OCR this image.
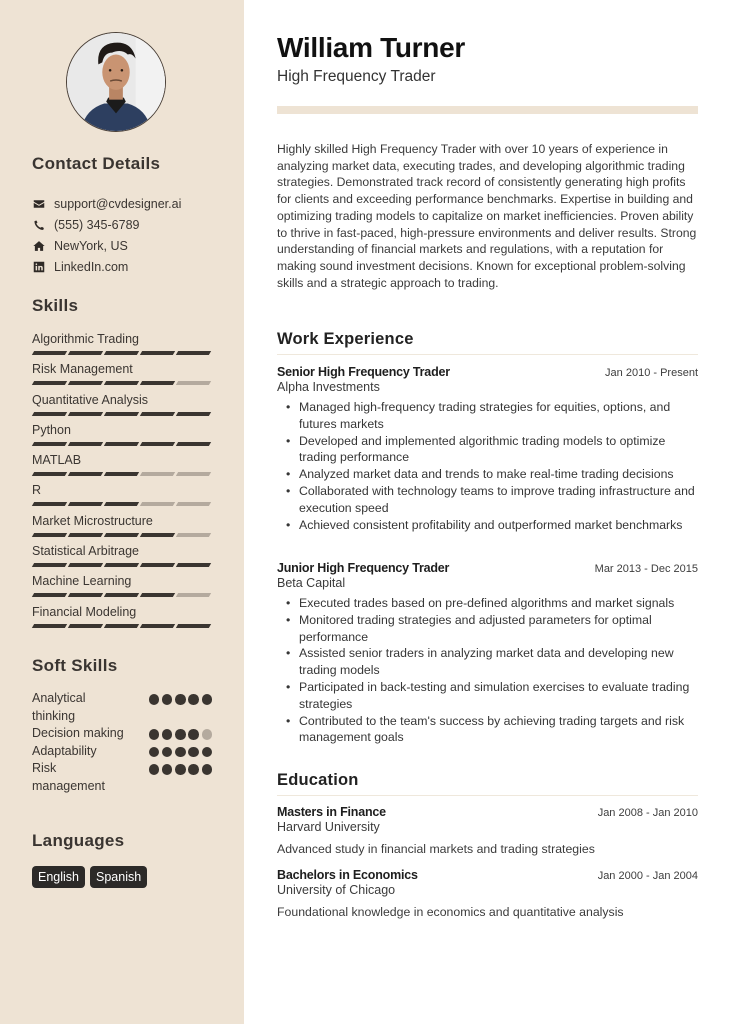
Contact Details
support@cvdesigner.ai
(555) 345-6789
NewYork, US
LinkedIn.com
Skills
Algorithmic Trading
Risk Management
Quantitative Analysis
Python
MATLAB
R
Market Microstructure
Statistical Arbitrage
Machine Learning
Financial Modeling
Soft Skills
Analytical thinking
Decision making
Adaptability
Risk management
Languages
English	Spanish
William Turner
High Frequency Trader

Highly skilled High Frequency Trader with over 10 years of experience in analyzing market data, executing trades, and developing algorithmic trading strategies. Demonstrated track record of consistently generating high profits for clients and exceeding performance benchmarks. Expertise in building and optimizing trading models to capitalize on market inefficiencies. Proven ability to thrive in fast-paced, high-pressure environments and deliver results. Strong understanding of financial markets and regulations, with a reputation for making sound investment decisions. Known for exceptional problem-solving skills and a strategic approach to trading.

Work Experience
Senior High Frequency Trader	Jan 2010 - Present
Alpha Investments
• Managed high-frequency trading strategies for equities, options, and futures markets
• Developed and implemented algorithmic trading models to optimize trading performance
• Analyzed market data and trends to make real-time trading decisions
• Collaborated with technology teams to improve trading infrastructure and execution speed
• Achieved consistent profitability and outperformed market benchmarks
Junior High Frequency Trader	Mar 2013 - Dec 2015
Beta Capital
• Executed trades based on pre-defined algorithms and market signals
• Monitored trading strategies and adjusted parameters for optimal performance
• Assisted senior traders in analyzing market data and developing new trading models
• Participated in back-testing and simulation exercises to evaluate trading strategies
• Contributed to the team's success by achieving trading targets and risk management goals
Education
Masters in Finance	Jan 2008 - Jan 2010
Harvard University
Advanced study in financial markets and trading strategies
Bachelors in Economics	Jan 2000 - Jan 2004
University of Chicago
Foundational knowledge in economics and quantitative analysis
